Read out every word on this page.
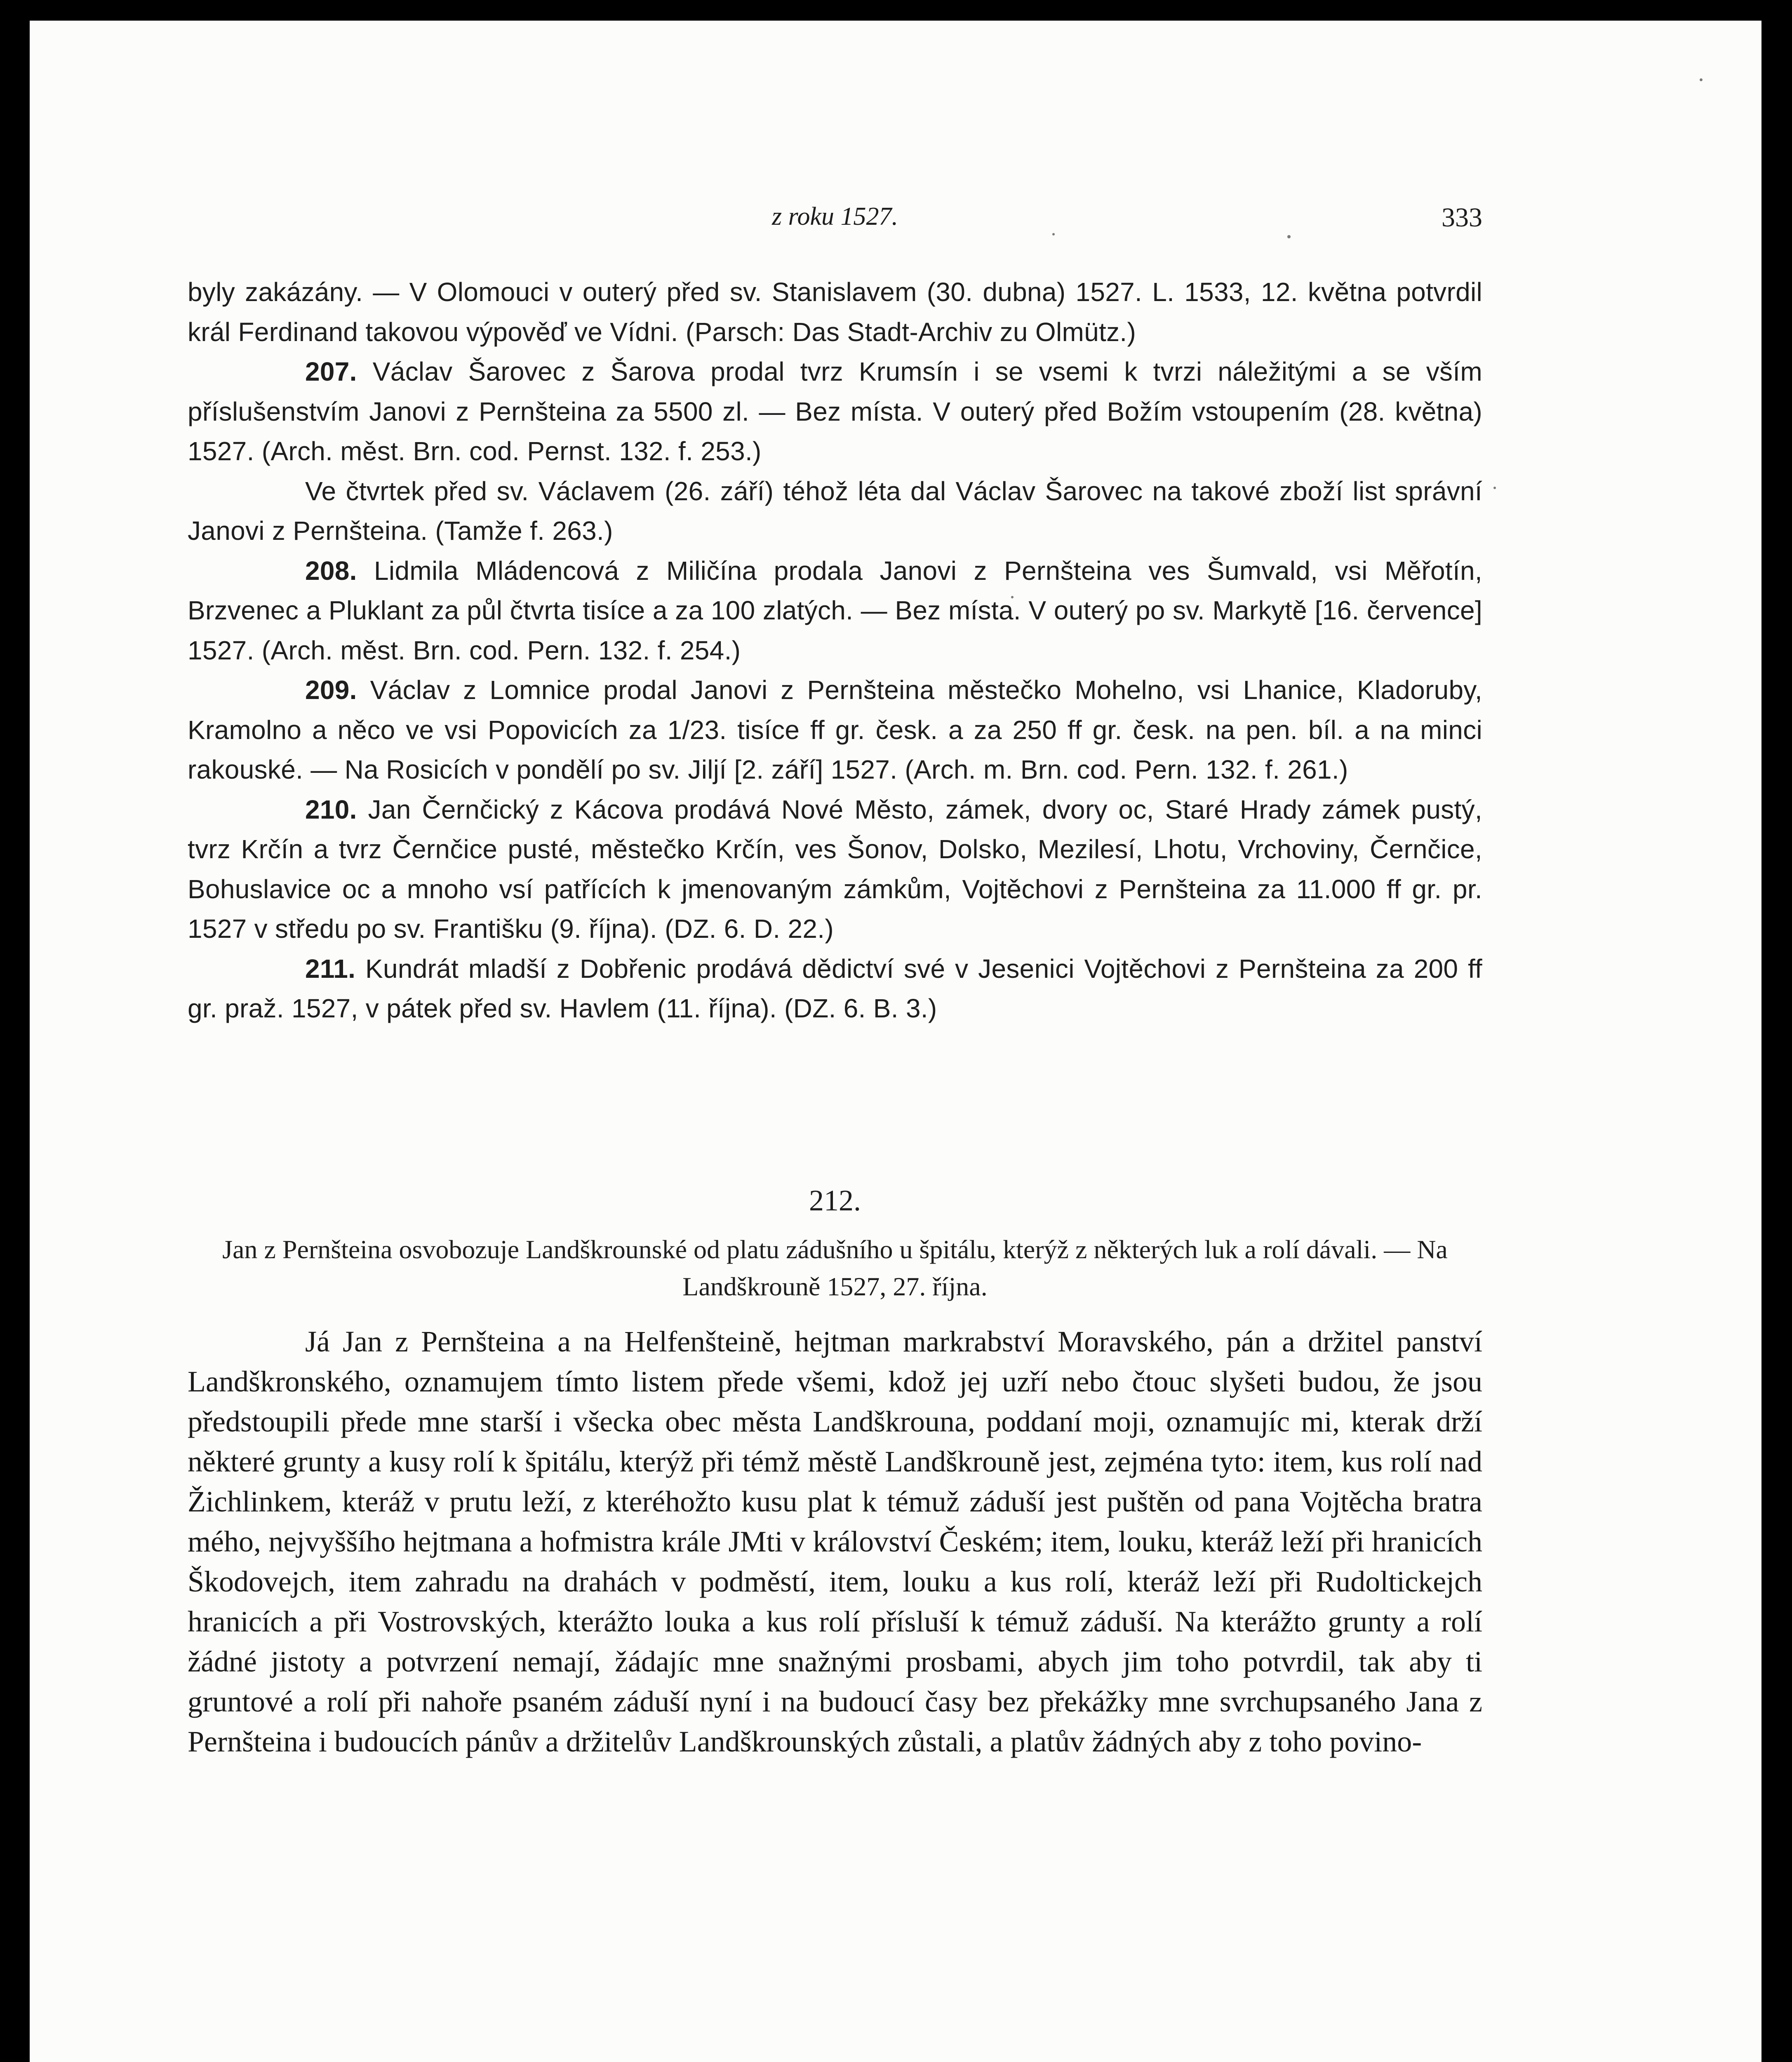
z roku 1527.	333

byly zakázány. — V Olomouci v outerý před sv. Stanislavem (30. dubna) 1527. L. 1533, 12. května potvrdil král Ferdinand takovou výpověď ve Vídni. (Parsch: Das Stadt-Archiv zu Olmütz.)

207. Václav Šarovec z Šarova prodal tvrz Krumsín i se vsemi k tvrzi náležitými a se vším příslušenstvím Janovi z Pernšteina za 5500 zl. — Bez místa. V outerý před Božím vstoupením (28. května) 1527. (Arch. měst. Brn. cod. Pernst. 132. f. 253.)

Ve čtvrtek před sv. Václavem (26. září) téhož léta dal Václav Šarovec na takové zboží list správní Janovi z Pernšteina. (Tamže f. 263.)

208. Lidmila Mládencová z Miličína prodala Janovi z Pernšteina ves Šumvald, vsi Měřotín, Brzvenec a Pluklant za půl čtvrta tisíce a za 100 zlatých. — Bez místa. V outerý po sv. Markytě [16. července] 1527. (Arch. měst. Brn. cod. Pern. 132. f. 254.)

209. Václav z Lomnice prodal Janovi z Pernšteina městečko Mohelno, vsi Lhanice, Kladoruby, Kramolno a něco ve vsi Popovicích za 1/23. tisíce ff gr. česk. a za 250 ff gr. česk. na pen. bíl. a na minci rakouské. — Na Rosicích v pondělí po sv. Jiljí [2. září] 1527. (Arch. m. Brn. cod. Pern. 132. f. 261.)

210. Jan Černčický z Kácova prodává Nové Město, zámek, dvory oc, Staré Hrady zámek pustý, tvrz Krčín a tvrz Černčice pusté, městečko Krčín, ves Šonov, Dolsko, Mezilesí, Lhotu, Vrchoviny, Černčice, Bohuslavice oc a mnoho vsí patřících k jmenovaným zámkům, Vojtěchovi z Pernšteina za 11.000 ff gr. pr. 1527 v středu po sv. Františku (9. října). (DZ. 6. D. 22.)

211. Kundrát mladší z Dobřenic prodává dědictví své v Jesenici Vojtěchovi z Pernšteina za 200 ff gr. praž. 1527, v pátek před sv. Havlem (11. října). (DZ. 6. B. 3.)

212.
Jan z Pernšteina osvobozuje Landškrounské od platu zádušního u špitálu, kterýž z některých luk a rolí dávali. — Na Landškrouně 1527, 27. října.

Já Jan z Pernšteina a na Helfenšteině, hejtman markrabství Moravského, pán a držitel panství Landškronského, oznamujem tímto listem přede všemi, kdož jej uzří nebo čtouc slyšeti budou, že jsou předstoupili přede mne starší i všecka obec města Landškrouna, poddaní moji, oznamujíc mi, kterak drží některé grunty a kusy rolí k špitálu, kterýž při témž městě Landškrouně jest, zejména tyto: item, kus rolí nad Žichlinkem, kteráž v prutu leží, z kteréhožto kusu plat k témuž záduší jest puštěn od pana Vojtěcha bratra mého, nejvyššího hejtmana a hofmistra krále JMti v království Českém; item, louku, kteráž leží při hranicích Škodovejch, item zahradu na drahách v podměstí, item, louku a kus rolí, kteráž leží při Rudoltickejch hranicích a při Vostrovských, kterážto louka a kus rolí přísluší k témuž záduší. Na kterážto grunty a rolí žádné jistoty a potvrzení nemají, žádajíc mne snažnými prosbami, abych jim toho potvrdil, tak aby ti gruntové a rolí při nahoře psaném záduší nyní i na budoucí časy bez překážky mne svrchupsaného Jana z Pernšteina i budoucích pánův a držitelův Landškrounských zůstali, a platův žádných aby z toho povino-
